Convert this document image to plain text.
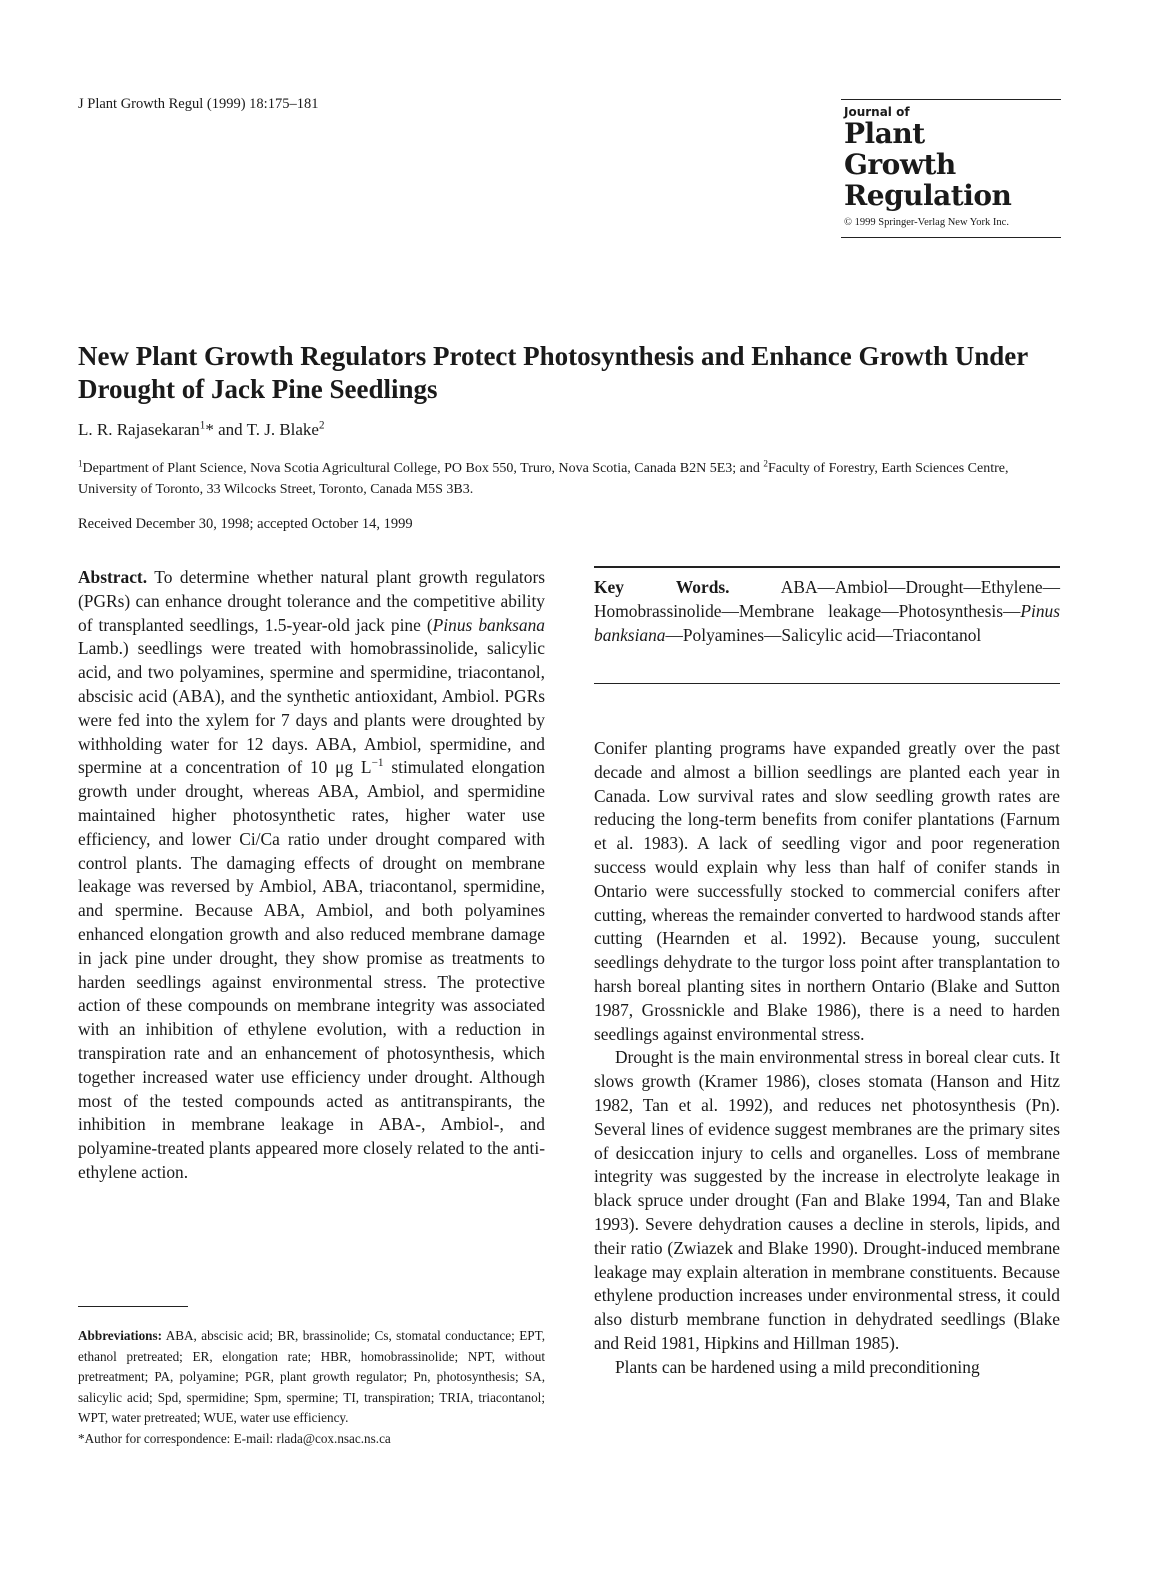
J Plant Growth Regul (1999) 18:175–181	Journal of
Plant
Growth
Regulation
© 1999 Springer-Verlag New York Inc.
New Plant Growth Regulators Protect Photosynthesis and Enhance Growth Under Drought of Jack Pine Seedlings
L. R. Rajasekaran$^1$* and T. J. Blake$^2$
$^1$Department of Plant Science, Nova Scotia Agricultural College, PO Box 550, Truro, Nova Scotia, Canada B2N 5E3; and $^2$Faculty of Forestry, Earth Sciences Centre, University of Toronto, 33 Wilcocks Street, Toronto, Canada M5S 3B3.
Received December 30, 1998; accepted October 14, 1999
Abstract. To determine whether natural plant growth regulators (PGRs) can enhance drought tolerance and the competitive ability of transplanted seedlings, 1.5-year-old jack pine (Pinus banksana Lamb.) seedlings were treated with homobrassinolide, salicylic acid, and two polyamines, spermine and spermidine, triacontanol, abscisic acid (ABA), and the synthetic antioxidant, Ambiol. PGRs were fed into the xylem for 7 days and plants were droughted by withholding water for 12 days. ABA, Ambiol, spermidine, and spermine at a concentration of 10 μg $L^{-1}$ stimulated elongation growth under drought, whereas ABA, Ambiol, and spermidine maintained higher photosynthetic rates, higher water use efficiency, and lower Ci/Ca ratio under drought compared with control plants. The damaging effects of drought on membrane leakage was reversed by Ambiol, ABA, triacontanol, spermidine, and spermine. Because ABA, Ambiol, and both polyamines enhanced elongation growth and also reduced membrane damage in jack pine under drought, they show promise as treatments to harden seedlings against environmental stress. The protective action of these compounds on membrane integrity was associated with an inhibition of ethylene evolution, with a reduction in transpiration rate and an enhancement of photosynthesis, which together increased water use efficiency under drought. Although most of the tested compounds acted as antitranspirants, the inhibition in membrane leakage in ABA-, Ambiol-, and polyamine-treated plants appeared more closely related to the anti-ethylene action.
Key Words. ABA—Ambiol—Drought—Ethylene—Homobrassinolide—Membrane leakage—Photosynthesis—Pinus banksiana—Polyamines—Salicylic acid—Triacontanol

Conifer planting programs have expanded greatly over the past decade and almost a billion seedlings are planted each year in Canada. Low survival rates and slow seedling growth rates are reducing the long-term benefits from conifer plantations (Farnum et al. 1983). A lack of seedling vigor and poor regeneration success would explain why less than half of conifer stands in Ontario were successfully stocked to commercial conifers after cutting, whereas the remainder converted to hardwood stands after cutting (Hearnden et al. 1992). Because young, succulent seedlings dehydrate to the turgor loss point after transplantation to harsh boreal planting sites in northern Ontario (Blake and Sutton 1987, Grossnickle and Blake 1986), there is a need to harden seedlings against environmental stress.

Drought is the main environmental stress in boreal clear cuts. It slows growth (Kramer 1986), closes stomata (Hanson and Hitz 1982, Tan et al. 1992), and reduces net photosynthesis (Pn). Several lines of evidence suggest membranes are the primary sites of desiccation injury to cells and organelles. Loss of membrane integrity was suggested by the increase in electrolyte leakage in black spruce under drought (Fan and Blake 1994, Tan and Blake 1993). Severe dehydration causes a decline in sterols, lipids, and their ratio (Zwiazek and Blake 1990). Drought-induced membrane leakage may explain alteration in membrane constituents. Because ethylene production increases under environmental stress, it could also disturb membrane function in dehydrated seedlings (Blake and Reid 1981, Hipkins and Hillman 1985).

Plants can be hardened using a mild preconditioning

Abbreviations: ABA, abscisic acid; BR, brassinolide; Cs, stomatal conductance; EPT, ethanol pretreated; ER, elongation rate; HBR, homobrassinolide; NPT, without pretreatment; PA, polyamine; PGR, plant growth regulator; Pn, photosynthesis; SA, salicylic acid; Spd, spermidine; Spm, spermine; TI, transpiration; TRIA, triacontanol; WPT, water pretreated; WUE, water use efficiency.

*Author for correspondence: E-mail: rlada@cox.nsac.ns.ca
